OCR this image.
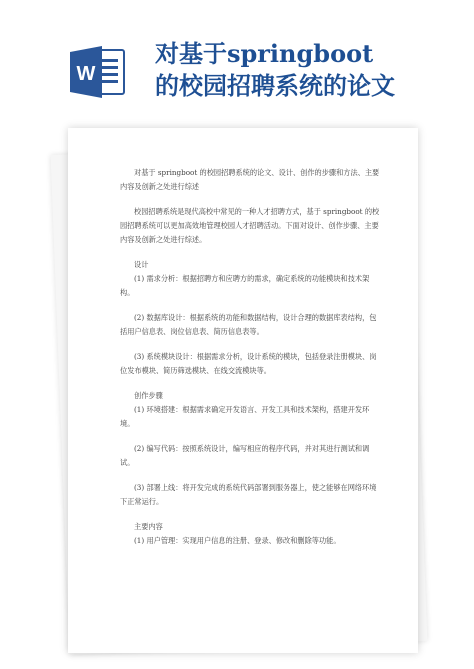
W
对基于springboot
的校园招聘系统的论文

对基于 springboot 的校园招聘系统的论文、设计、创作的步骤和方法、主要内容及创新之处进行综述

校园招聘系统是现代高校中常见的一种人才招聘方式，基于 springboot 的校园招聘系统可以更加高效地管理校园人才招聘活动。下面对设计、创作步骤、主要内容及创新之处进行综述。

设计

(1) 需求分析：根据招聘方和应聘方的需求，确定系统的功能模块和技术架构。

(2) 数据库设计：根据系统的功能和数据结构，设计合理的数据库表结构，包括用户信息表、岗位信息表、简历信息表等。

(3) 系统模块设计：根据需求分析，设计系统的模块，包括登录注册模块、岗位发布模块、简历筛选模块、在线交流模块等。

创作步骤

(1) 环境搭建：根据需求确定开发语言、开发工具和技术架构，搭建开发环境。

(2) 编写代码：按照系统设计，编写相应的程序代码，并对其进行测试和调试。

(3) 部署上线：将开发完成的系统代码部署到服务器上，使之能够在网络环境下正常运行。

主要内容

(1) 用户管理：实现用户信息的注册、登录、修改和删除等功能。
